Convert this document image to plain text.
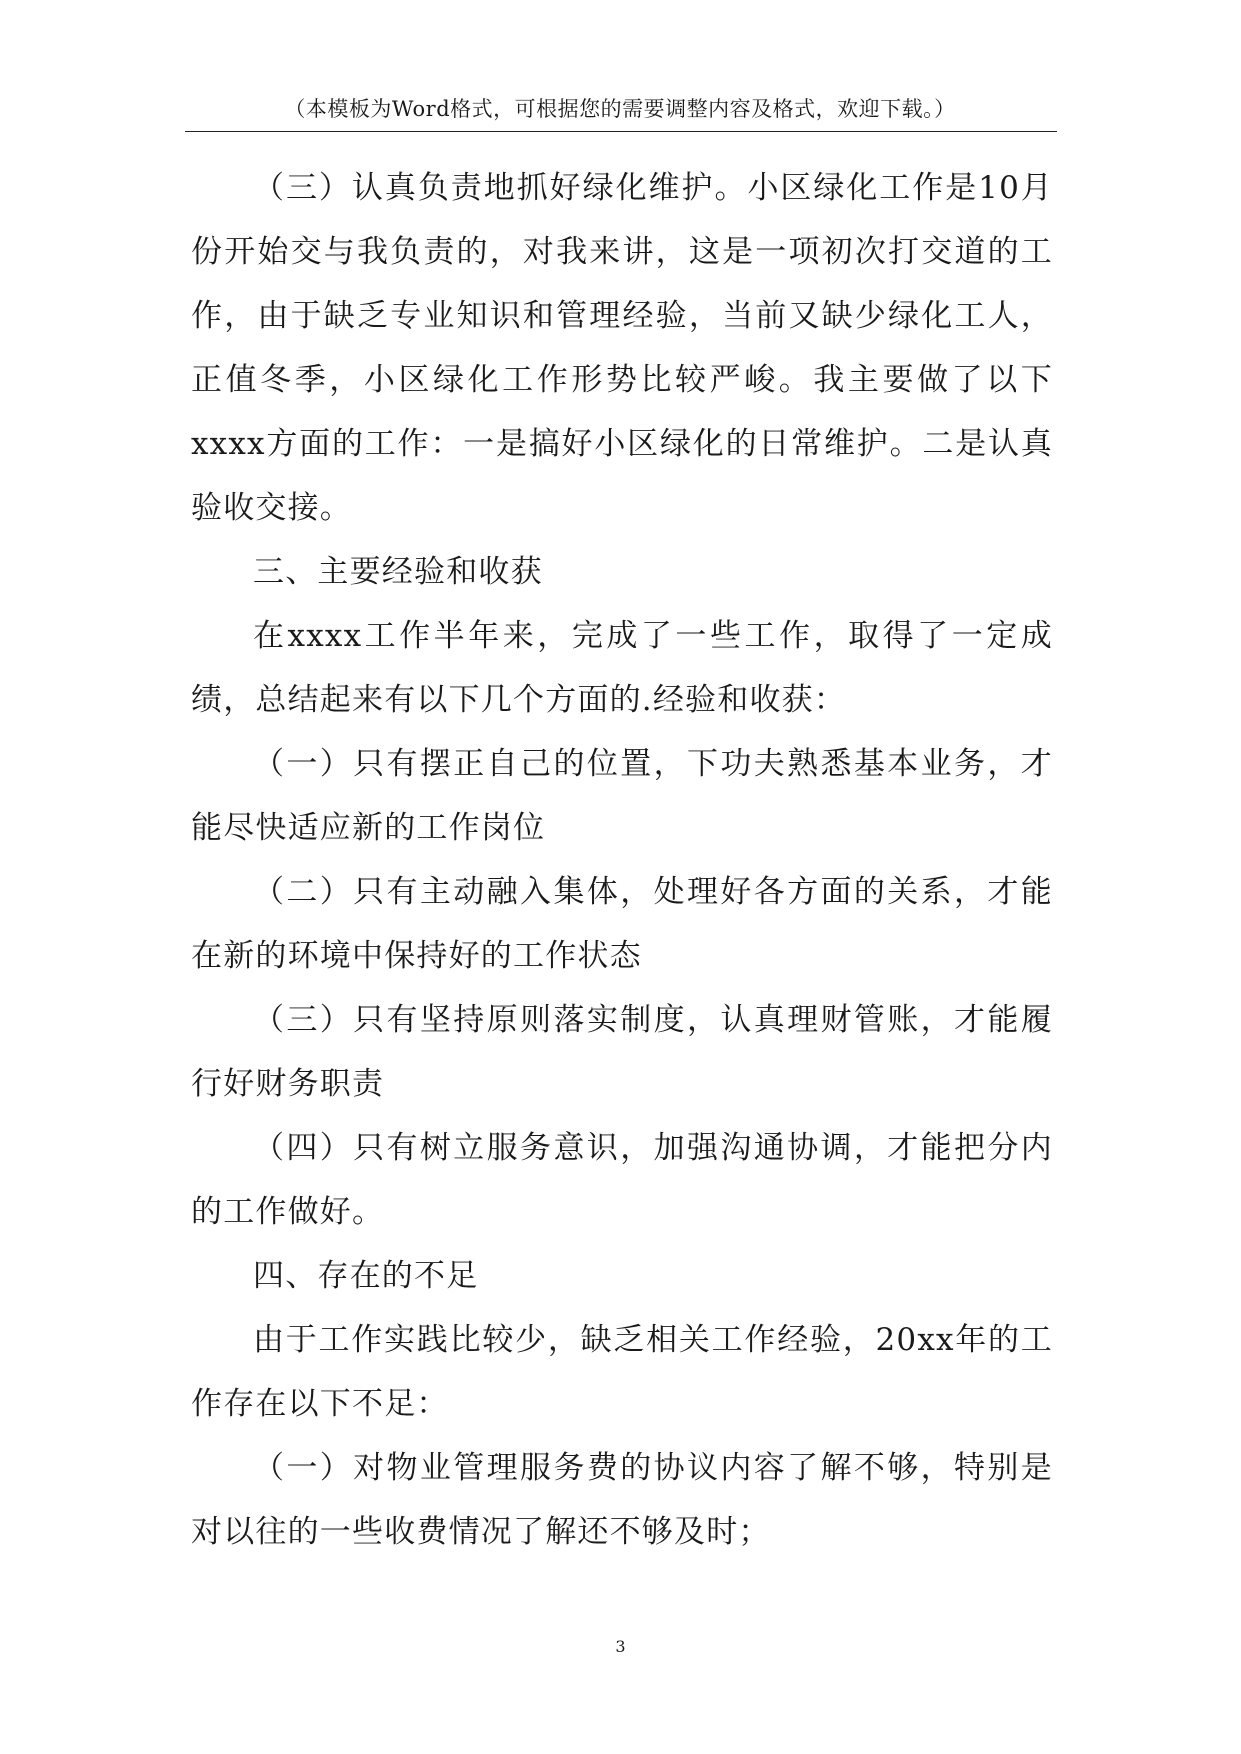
（本模板为Word格式，可根据您的需要调整内容及格式，欢迎下载。）

（三）认真负责地抓好绿化维护。小区绿化工作是10月份开始交与我负责的，对我来讲，这是一项初次打交道的工作，由于缺乏专业知识和管理经验，当前又缺少绿化工人，正值冬季，小区绿化工作形势比较严峻。我主要做了以下xxxx方面的工作：一是搞好小区绿化的日常维护。二是认真验收交接。

三、主要经验和收获

在xxxx工作半年来，完成了一些工作，取得了一定成绩，总结起来有以下几个方面的.经验和收获：

（一）只有摆正自己的位置，下功夫熟悉基本业务，才能尽快适应新的工作岗位

（二）只有主动融入集体，处理好各方面的关系，才能在新的环境中保持好的工作状态

（三）只有坚持原则落实制度，认真理财管账，才能履行好财务职责

（四）只有树立服务意识，加强沟通协调，才能把分内的工作做好。

四、存在的不足

由于工作实践比较少，缺乏相关工作经验，20xx年的工作存在以下不足：

（一）对物业管理服务费的协议内容了解不够，特别是对以往的一些收费情况了解还不够及时；

3
